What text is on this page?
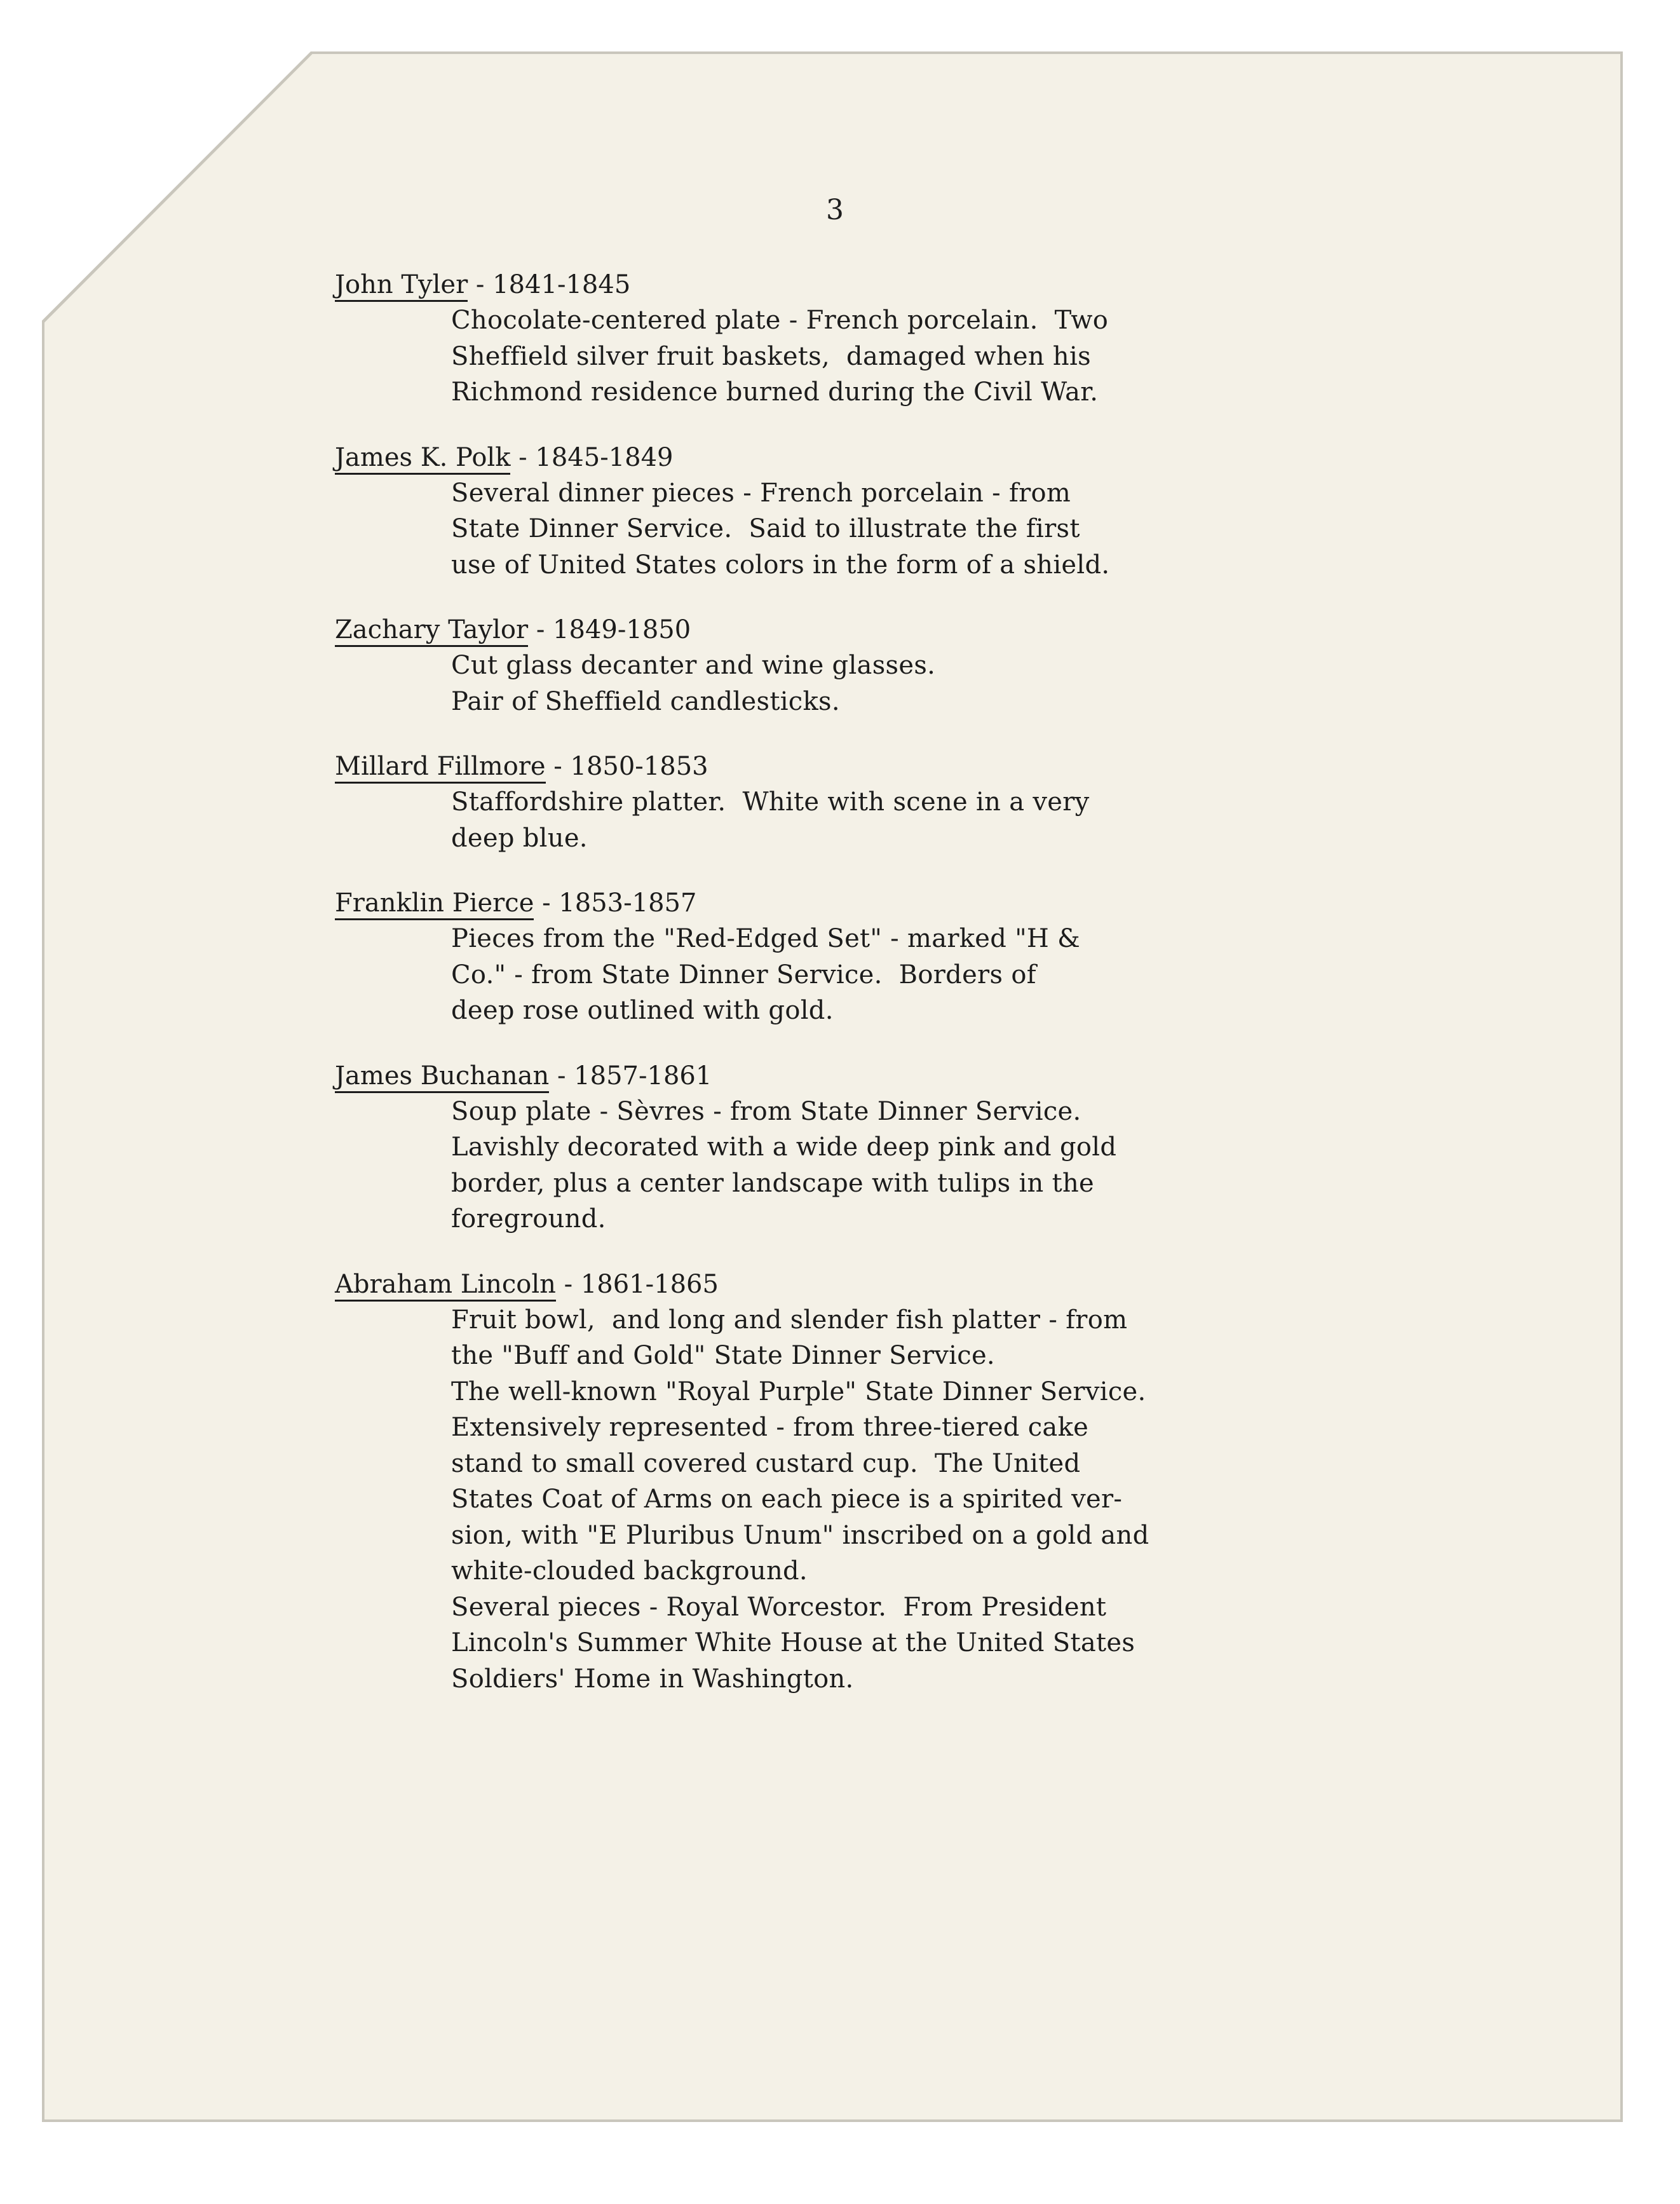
3
John Tyler - 1841-1845
Chocolate-centered plate - French porcelain.  Two
Sheffield silver fruit baskets,  damaged when his
Richmond residence burned during the Civil War.
James K. Polk - 1845-1849
Several dinner pieces - French porcelain - from
State Dinner Service.  Said to illustrate the first
use of United States colors in the form of a shield.
Zachary Taylor - 1849-1850
Cut glass decanter and wine glasses.
Pair of Sheffield candlesticks.
Millard Fillmore - 1850-1853
Staffordshire platter.  White with scene in a very
deep blue.
Franklin Pierce - 1853-1857
Pieces from the "Red-Edged Set" - marked "H &
Co." - from State Dinner Service.  Borders of
deep rose outlined with gold.
James Buchanan - 1857-1861
Soup plate - Sèvres - from State Dinner Service.
Lavishly decorated with a wide deep pink and gold
border, plus a center landscape with tulips in the
foreground.
Abraham Lincoln - 1861-1865
Fruit bowl,  and long and slender fish platter - from
the "Buff and Gold" State Dinner Service.
The well-known "Royal Purple" State Dinner Service.
Extensively represented - from three-tiered cake
stand to small covered custard cup.  The United
States Coat of Arms on each piece is a spirited ver-
sion, with "E Pluribus Unum" inscribed on a gold and
white-clouded background.
Several pieces - Royal Worcestor.  From President
Lincoln's Summer White House at the United States
Soldiers' Home in Washington.
